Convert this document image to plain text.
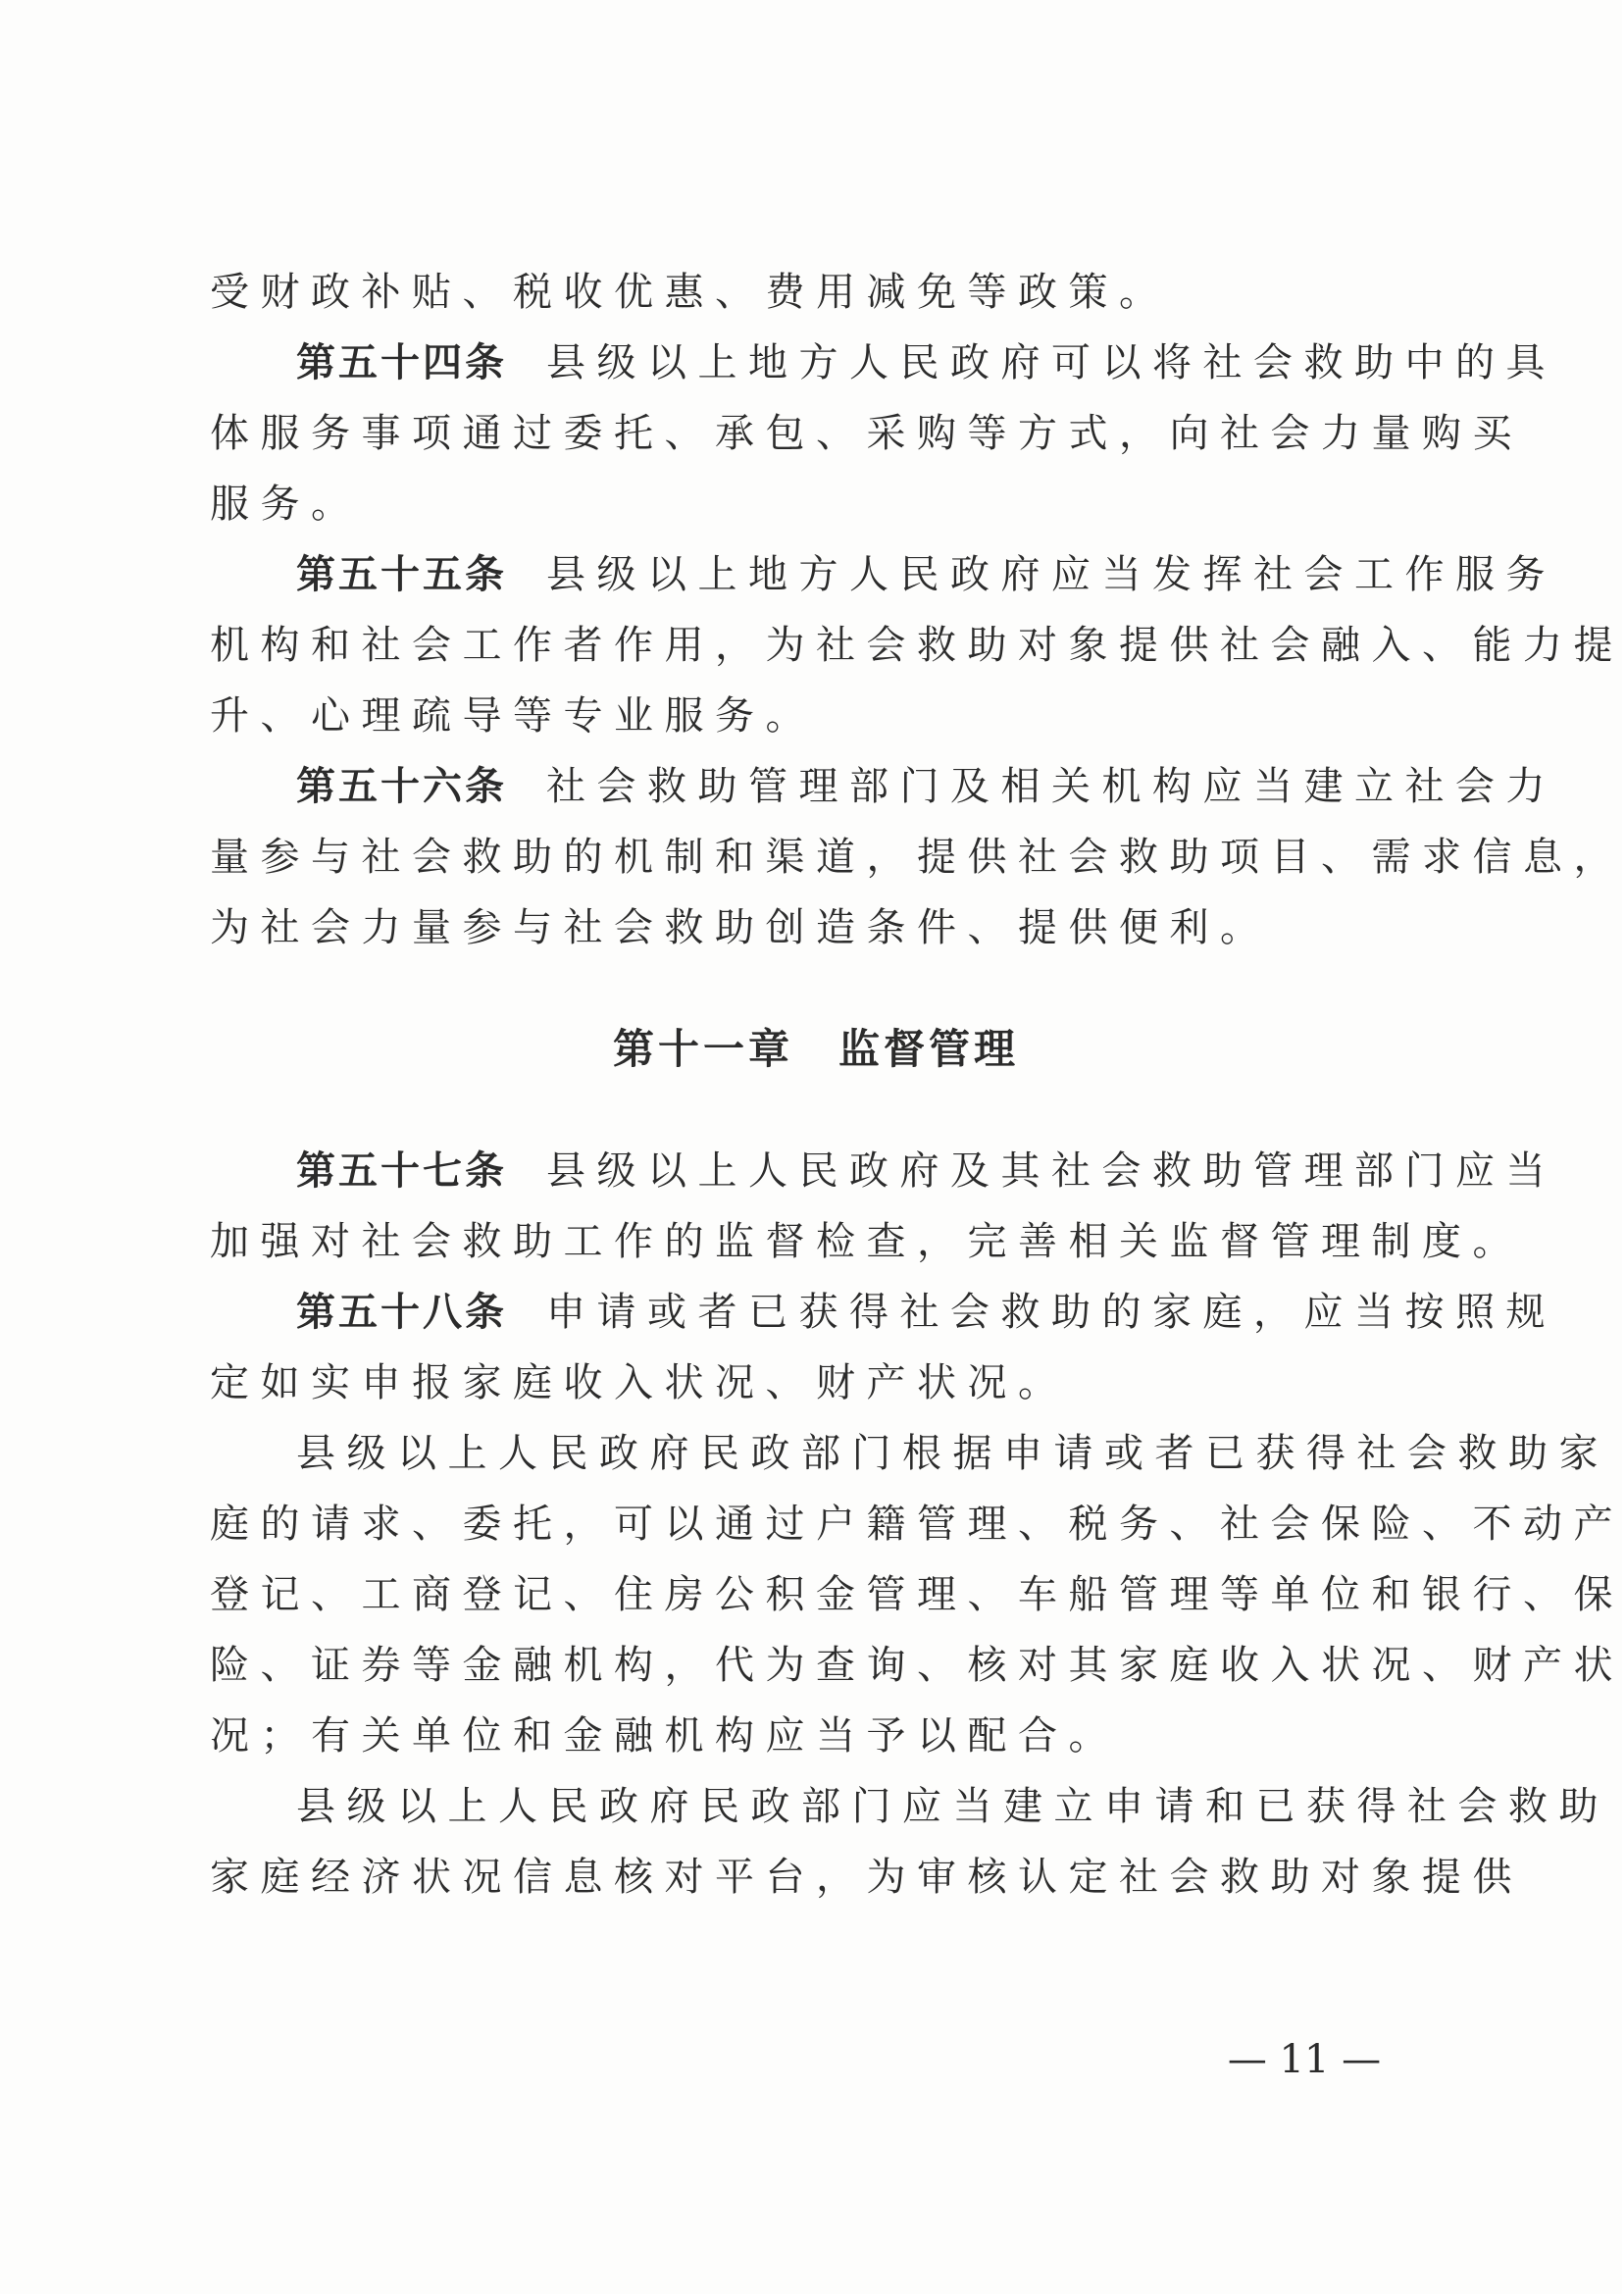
受财政补贴、税收优惠、费用减免等政策。

第五十四条 县级以上地方人民政府可以将社会救助中的具

体服务事项通过委托、承包、采购等方式，向社会力量购买

服务。

第五十五条 县级以上地方人民政府应当发挥社会工作服务

机构和社会工作者作用，为社会救助对象提供社会融入、能力提

升、心理疏导等专业服务。

第五十六条 社会救助管理部门及相关机构应当建立社会力

量参与社会救助的机制和渠道，提供社会救助项目、需求信息，

为社会力量参与社会救助创造条件、提供便利。

第十一章 监督管理

第五十七条 县级以上人民政府及其社会救助管理部门应当

加强对社会救助工作的监督检查，完善相关监督管理制度。

第五十八条 申请或者已获得社会救助的家庭，应当按照规

定如实申报家庭收入状况、财产状况。

县级以上人民政府民政部门根据申请或者已获得社会救助家

庭的请求、委托，可以通过户籍管理、税务、社会保险、不动产

登记、工商登记、住房公积金管理、车船管理等单位和银行、保

险、证券等金融机构，代为查询、核对其家庭收入状况、财产状

况；有关单位和金融机构应当予以配合。

县级以上人民政府民政部门应当建立申请和已获得社会救助

家庭经济状况信息核对平台，为审核认定社会救助对象提供

— 11 —
